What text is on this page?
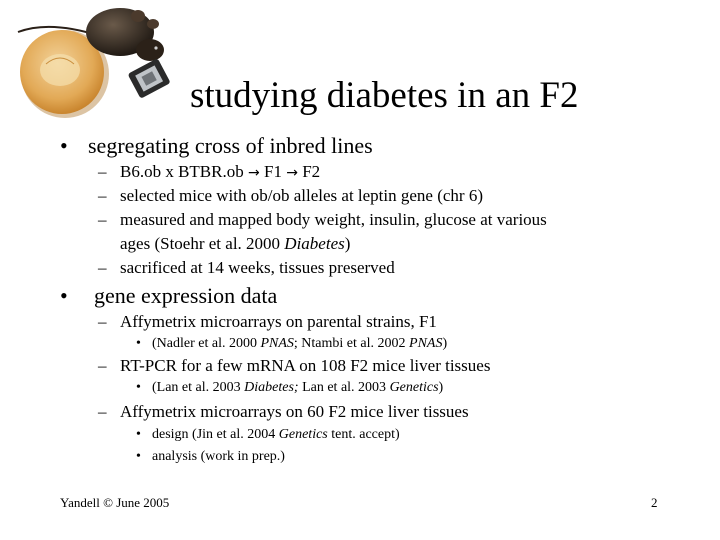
studying diabetes in an F2
• segregating cross of inbred lines
– B6.ob x BTBR.ob → F1 → F2
– selected mice with ob/ob alleles at leptin gene (chr 6)
– measured and mapped body weight, insulin, glucose at various
ages (Stoehr et al. 2000 Diabetes)
– sacrificed at 14 weeks, tissues preserved
• gene expression data
– Affymetrix microarrays on parental strains, F1
• (Nadler et al. 2000 PNAS; Ntambi et al. 2002 PNAS)
– RT-PCR for a few mRNA on 108 F2 mice liver tissues
• (Lan et al. 2003 Diabetes; Lan et al. 2003 Genetics)
– Affymetrix microarrays on 60 F2 mice liver tissues
• design (Jin et al. 2004 Genetics tent. accept)
• analysis (work in prep.)
Yandell © June 2005	2
